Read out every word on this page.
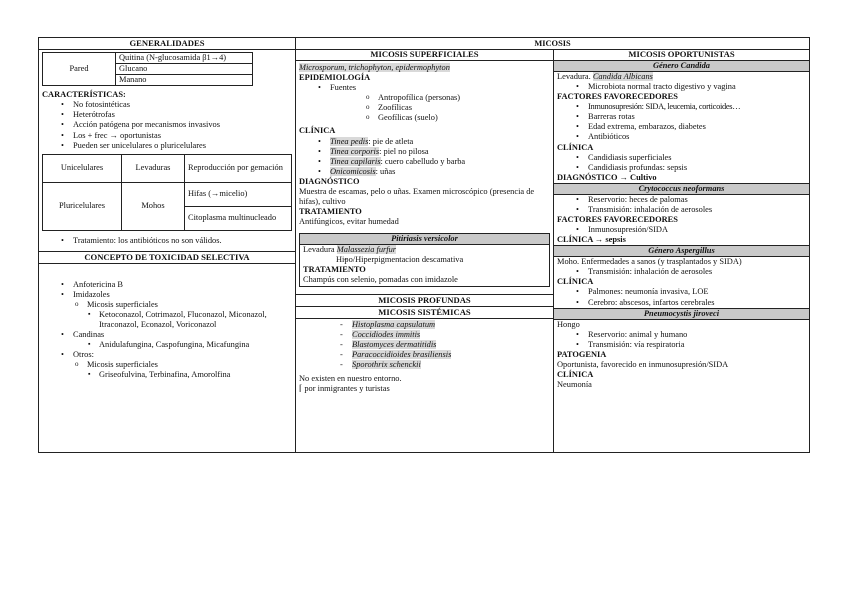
GENERALIDADES
Pared	Quitina (N-glucosamida β1→4)
Glucano
Manano
CARACTERÍSTICAS:
• No fotosintéticas
• Heterótrofas
• Acción patógena por mecanismos invasivos
• Los + frec → oportunistas
• Pueden ser unicelulares o pluricelulares
Unicelulares	Levaduras	Reproducción por gemación
Pluricelulares	Mohos	Hifas (→micelio)
		Citoplasma multinucleado
• Tratamiento: los antibióticos no son válidos.
CONCEPTO DE TOXICIDAD SELECTIVA
• Anfotericina B
• Imidazoles
o Micosis superficiales
▪ Ketoconazol, Cotrimazol, Fluconazol, Miconazol, Itraconazol, Econazol, Voriconazol
• Candinas
▪ Anidulafungina, Caspofungina, Micafungina
• Otros:
o Micosis superficiales
▪ Griseofulvina, Terbinafina, Amorolfina
MICOSIS
MICOSIS SUPERFICIALES
Microsporum, trichophyton, epidermophyton
EPIDEMIOLOGÍA
• Fuentes
o Antropofílica (personas)
o Zoofílicas
o Geofílicas (suelo)
CLÍNICA
• Tinea pedis: pie de atleta
• Tinea corporis: piel no pilosa
• Tinea capilaris: cuero cabelludo y barba
• Onicomicosis: uñas
DIAGNÓSTICO
Muestra de escamas, pelo o uñas. Examen microscópico (presencia de hifas), cultivo
TRATAMIENTO
Antifúngicos, evitar humedad
Pitiriasis versicolor
Levadura Malassezia furfur
- Hipo/Hiperpigmentacion descamativa
TRATAMIENTO
Champús con selenio, pomadas con imidazole
MICOSIS PROFUNDAS
MICOSIS SISTÉMICAS
- Histoplasma capsulatum
- Coccidiodes immitis
- Blastomyces dermatitidis
- Paracoccidioides brasiliensis
- Sporothrix schenckii
No existen en nuestro entorno.
⌈ por inmigrantes y turistas
MICOSIS OPORTUNISTAS
Género Candida
Levadura. Candida Albicans
• Microbiota normal tracto digestivo y vagina
FACTORES FAVORECEDORES
• Inmunosupresión: SIDA, leucemia, corticoides…
• Barreras rotas
• Edad extrema, embarazos, diabetes
• Antibióticos
CLÍNICA
• Candidiasis superficiales
• Candidiasis profundas: sepsis
DIAGNÓSTICO → Cultivo
Crytococcus neoformans
• Reservorio: heces de palomas
• Transmisión: inhalación de aerosoles
FACTORES FAVORECEDORES
• Inmunosupresión/SIDA
CLÍNICA → sepsis
Género Aspergillus
Moho. Enfermedades a sanos (y trasplantados y SIDA)
• Transmisión: inhalación de aerosoles
CLÍNICA
• Palmones: neumonía invasiva, LOE
• Cerebro: abscesos, infartos cerebrales
Pneumocystis jiroveci
Hongo
• Reservorio: animal y humano
• Transmisión: vía respiratoria
PATOGENIA
Oportunista, favorecido en inmunosupresión/SIDA
CLÍNICA
Neumonía
